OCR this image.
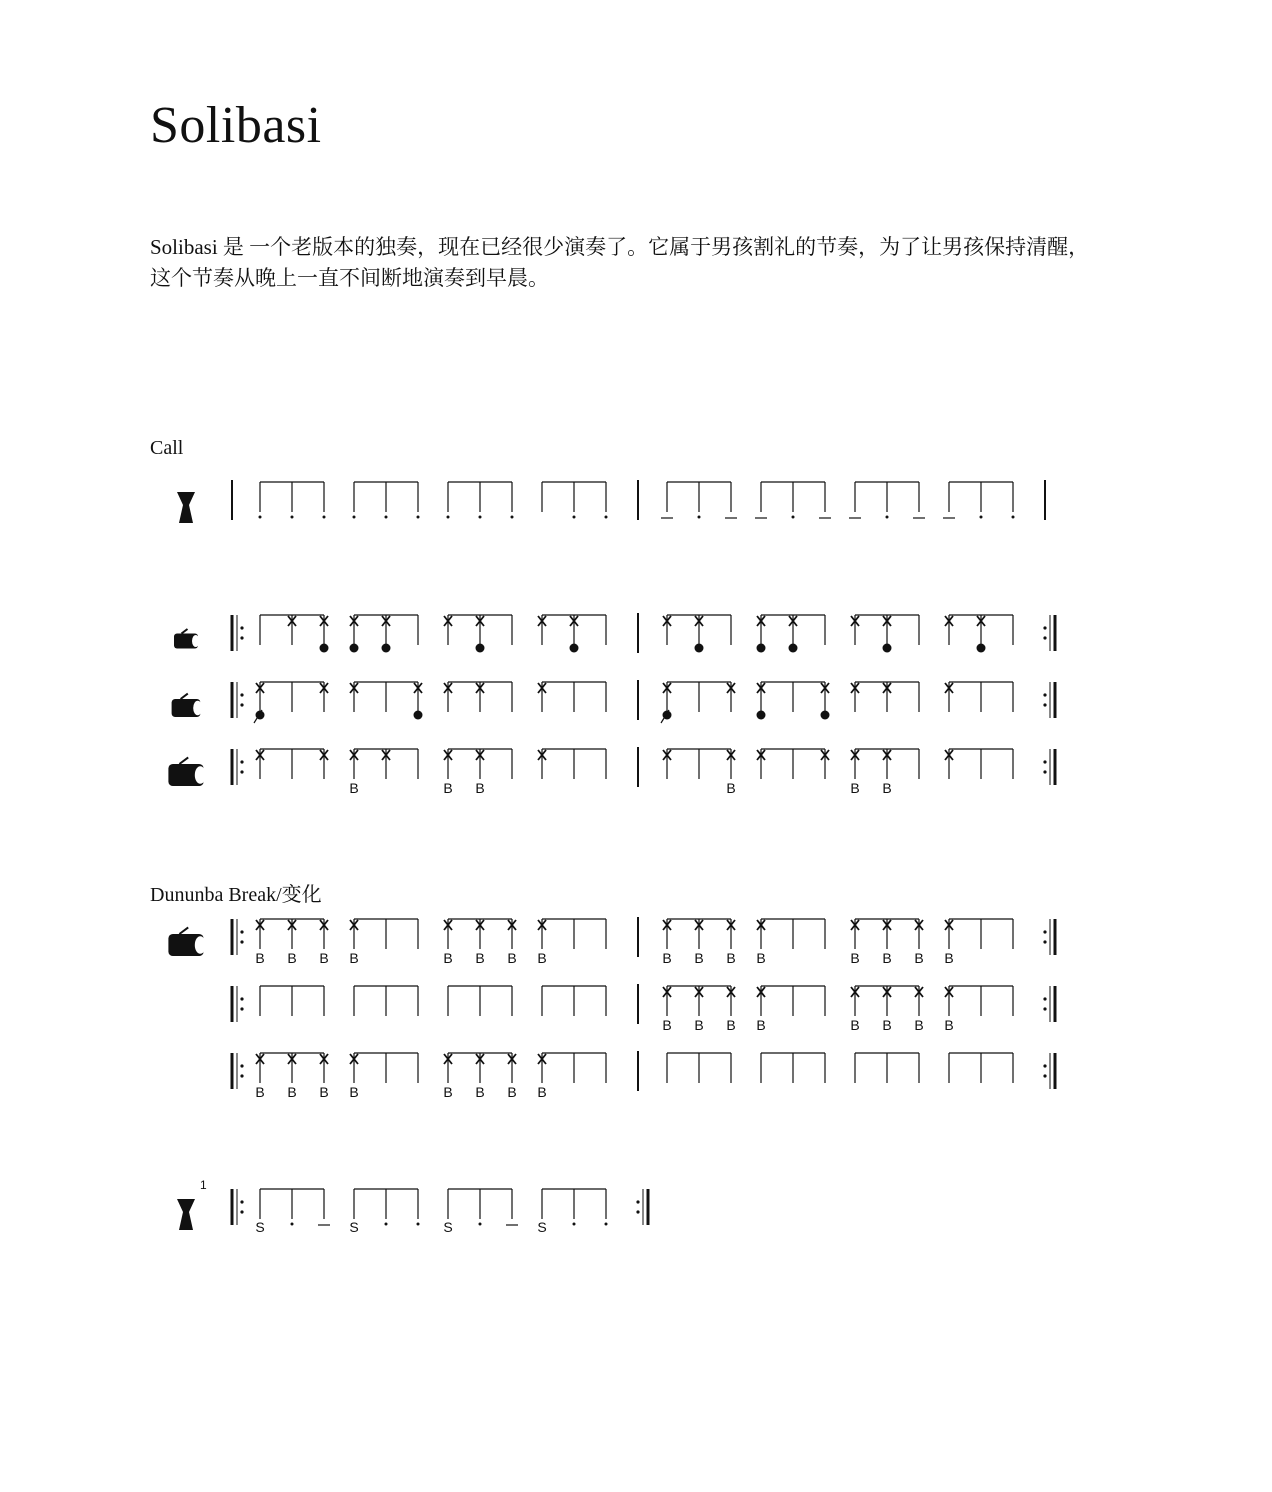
Solibasi

Solibasi 是 一个老版本的独奏，现在已经很少演奏了。它属于男孩割礼的节奏，为了让男孩保持清醒，
这个节奏从晚上一直不间断地演奏到早晨。

Call

Dununba Break/变化

B	B B	B	B B
B B B B	B B B B	B B B B	B B B B
B B B B	B B B B
B B B B	B B B B
1
S	S	S	S
